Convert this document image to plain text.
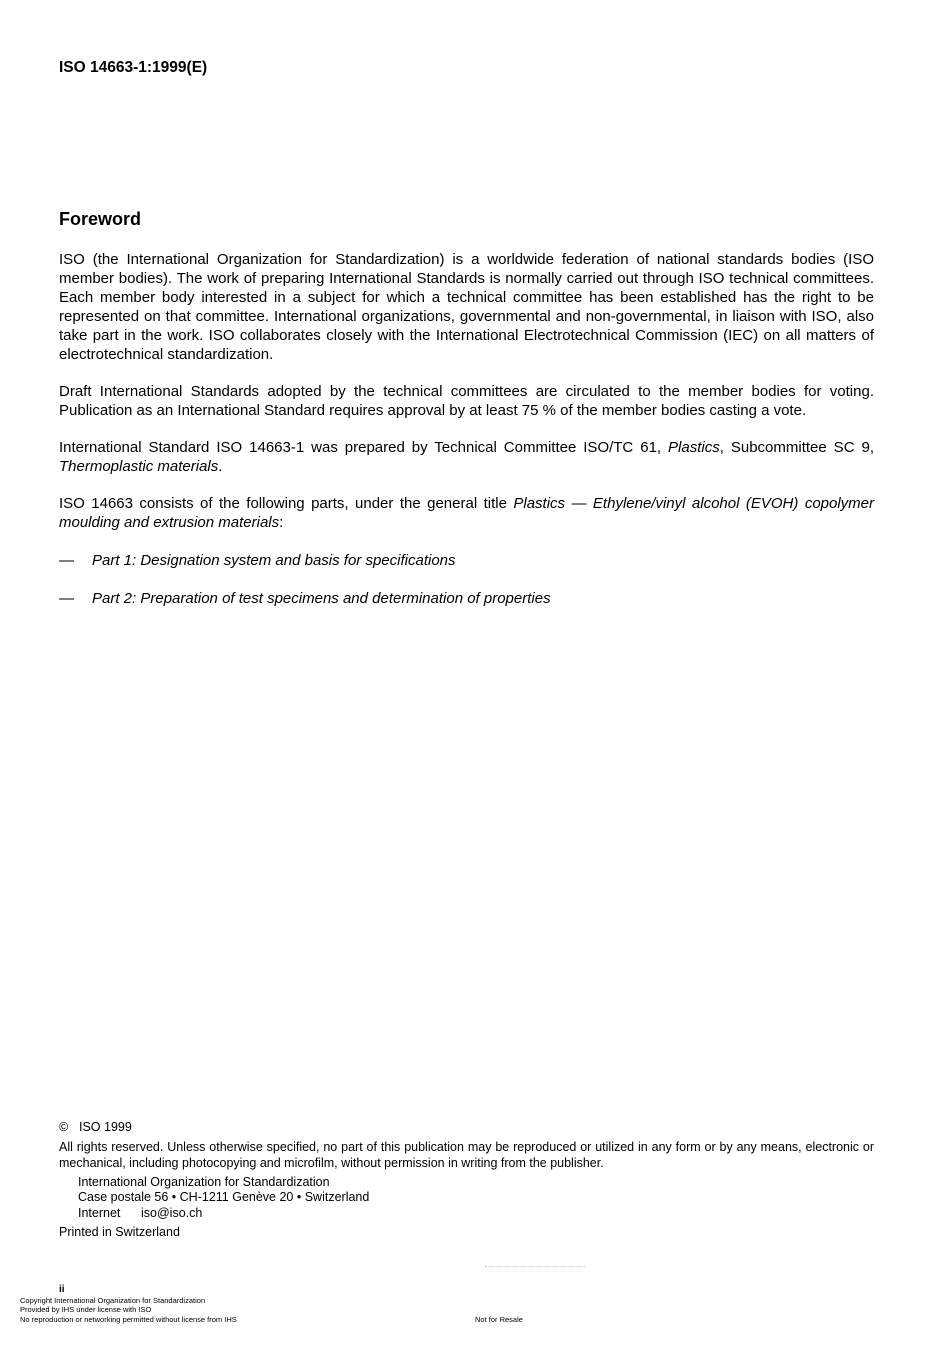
ISO 14663-1:1999(E)
Foreword

ISO (the International Organization for Standardization) is a worldwide federation of national standards bodies (ISO member bodies). The work of preparing International Standards is normally carried out through ISO technical committees. Each member body interested in a subject for which a technical committee has been established has the right to be represented on that committee. International organizations, governmental and non-governmental, in liaison with ISO, also take part in the work. ISO collaborates closely with the International Electrotechnical Commission (IEC) on all matters of electrotechnical standardization.

Draft International Standards adopted by the technical committees are circulated to the member bodies for voting. Publication as an International Standard requires approval by at least 75 % of the member bodies casting a vote.

International Standard ISO 14663-1 was prepared by Technical Committee ISO/TC 61, Plastics, Subcommittee SC 9, Thermoplastic materials.

ISO 14663 consists of the following parts, under the general title Plastics — Ethylene/vinyl alcohol (EVOH) copolymer moulding and extrusion materials:

— Part 1: Designation system and basis for specifications
— Part 2: Preparation of test specimens and determination of properties
© ISO 1999

All rights reserved. Unless otherwise specified, no part of this publication may be reproduced or utilized in any form or by any means, electronic or mechanical, including photocopying and microfilm, without permission in writing from the publisher.

International Organization for Standardization
Case postale 56 • CH-1211 Genève 20 • Switzerland
Internet iso@iso.ch
Printed in Switzerland
ii
Copyright International Organization for Standardization
Provided by IHS under license with ISO
No reproduction or networking permitted without license from IHS	Not for Resale
